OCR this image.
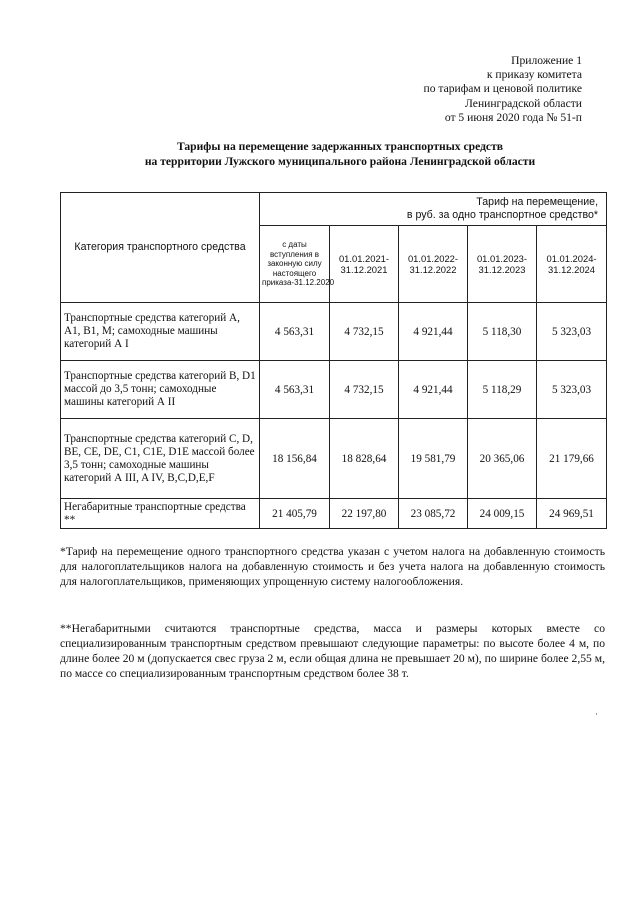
Приложение 1
к приказу комитета
по тарифам и ценовой политике
Ленинградской области
от 5 июня 2020 года № 51-п
Тарифы на перемещение задержанных транспортных средств
на территории Лужского муниципального района Ленинградской области
Категория транспортного средства	Тариф на перемещение,
в руб. за одно транспортное средство*				

	с даты вступления в законную силу настоящего приказа-31.12.2020	01.01.2021-31.12.2021	01.01.2022-31.12.2022	01.01.2023-31.12.2023	01.01.2024-31.12.2024
Транспортные средства категорий A, A1, B1, M; самоходные машины категорий А I	4 563,31	4 732,15	4 921,44	5 118,30	5 323,03
Транспортные средства категорий B, D1 массой до 3,5 тонн; самоходные машины категорий А II	4 563,31	4 732,15	4 921,44	5 118,29	5 323,03
Транспортные средства категорий C, D, BE, CE, DE, C1, C1E, D1E массой более 3,5 тонн; самоходные машины категорий А III, A IV, B,C,D,E,F	18 156,84	18 828,64	19 581,79	20 365,06	21 179,66
Негабаритные транспортные средства **	21 405,79	22 197,80	23 085,72	24 009,15	24 969,51

*Тариф на перемещение одного транспортного средства указан с учетом налога на добавленную стоимость для налогоплательщиков налога на добавленную стоимость и без учета налога на добавленную стоимость для налогоплательщиков, применяющих упрощенную систему налогообложения.

**Негабаритными считаются транспортные средства, масса и размеры которых вместе со специализированным транспортным средством превышают следующие параметры: по высоте более 4 м, по длине более 20 м (допускается свес груза 2 м, если общая длина не превышает 20 м), по ширине более 2,55 м, по массе со специализированным транспортным средством более 38 т.
